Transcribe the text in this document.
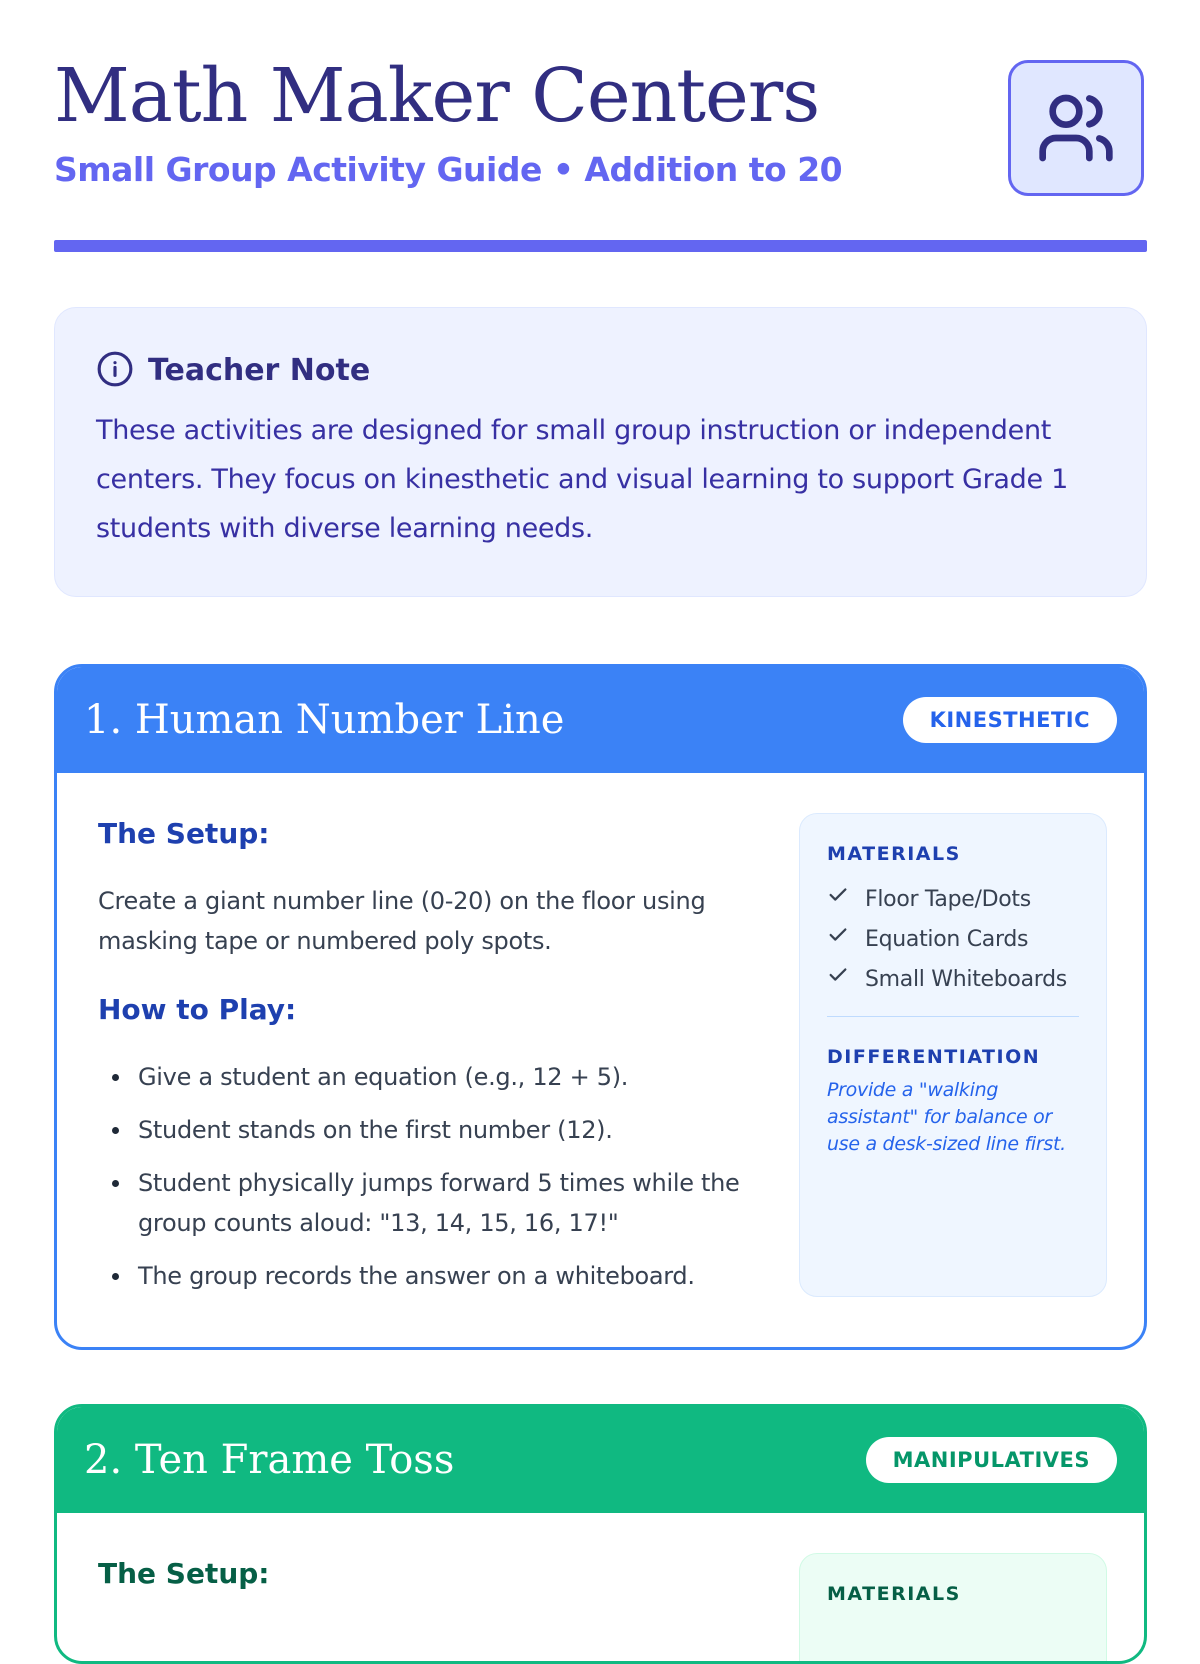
Math Maker Centers
Small Group Activity Guide • Addition to 20
Teacher Note
These activities are designed for small group instruction or independent centers. They focus on kinesthetic and visual learning to support Grade 1 students with diverse learning needs.
1. Human Number Line	KINESTHETIC
The Setup:

Create a giant number line (0-20) on the floor using masking tape or numbered poly spots.

How to Play:
Give a student an equation (e.g., 12 + 5).
Student stands on the first number (12).
Student physically jumps forward 5 times while the group counts aloud: "13, 14, 15, 16, 17!"
The group records the answer on a whiteboard.
MATERIALS
Floor Tape/Dots
Equation Cards
Small Whiteboards
DIFFERENTIATION

Provide a "walking assistant" for balance or use a desk-sized line first.

2. Ten Frame Toss	MANIPULATIVES
The Setup:
MATERIALS
